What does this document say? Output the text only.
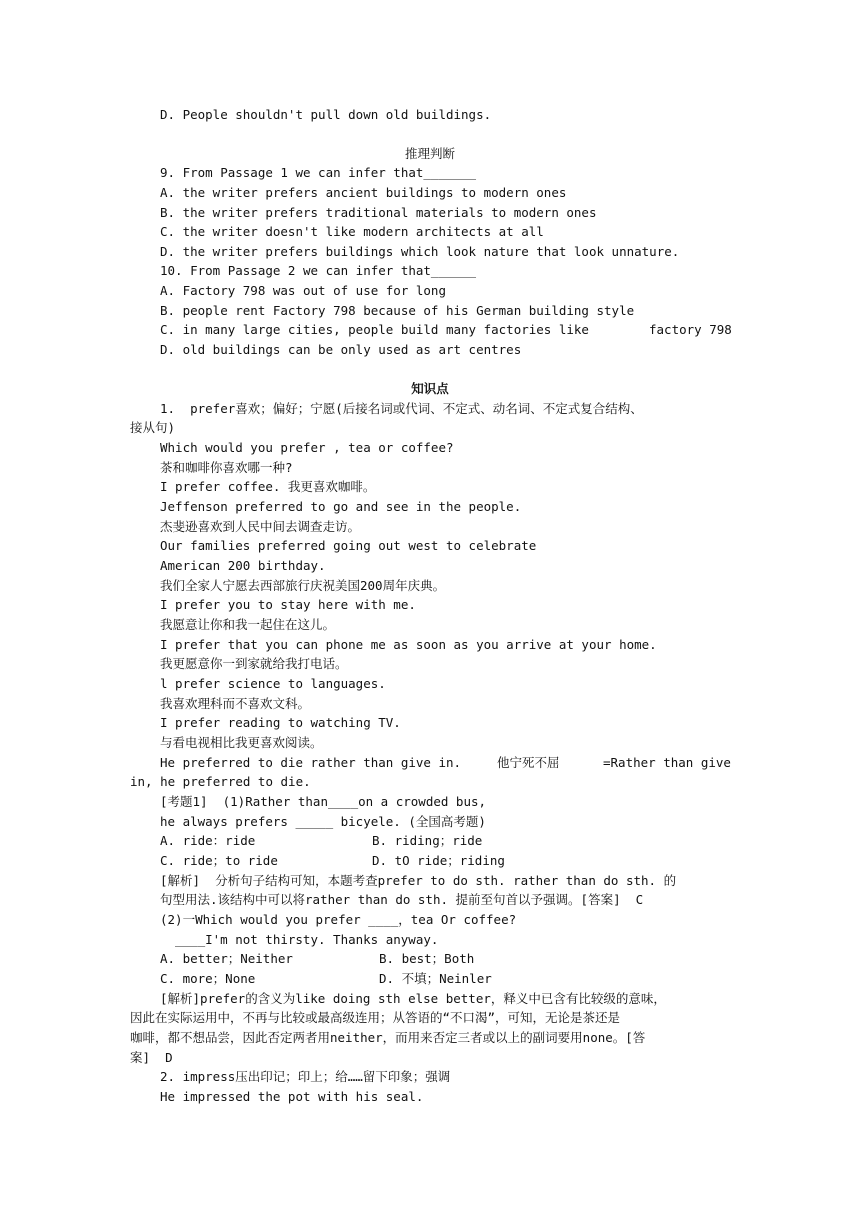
D. People shouldn't pull down old buildings.
推理判断
9. From Passage 1 we can infer that_______
A. the writer prefers ancient buildings to modern ones
B. the writer prefers traditional materials to modern ones
C. the writer doesn't like modern architects at all
D. the writer prefers buildings which look nature that look unnature.
10. From Passage 2 we can infer that______
A. Factory 798 was out of use for long
B. people rent Factory 798 because of his German building style
C. in many large cities, people build many factories like	factory 798
D. old buildings can be only used as art centres
知识点
1.  prefer喜欢；偏好；宁愿(后接名词或代词、不定式、动名词、不定式复合结构、
接从句)
Which would you prefer , tea or coffee?
茶和咖啡你喜欢哪一种?
I prefer coffee. 我更喜欢咖啡。
Jeffenson preferred to go and see in the people.
杰斐逊喜欢到人民中间去调查走访。
Our families preferred going out west to celebrate
American 200 birthday.
我们全家人宁愿去西部旅行庆祝美国200周年庆典。
I prefer you to stay here with me.
我愿意让你和我一起住在这儿。
I prefer that you can phone me as soon as you arrive at your home.
我更愿意你一到家就给我打电话。
l prefer science to languages.
我喜欢理科而不喜欢文科。
I prefer reading to watching TV.
与看电视相比我更喜欢阅读。
He preferred to die rather than give in.	他宁死不屈	=Rather than give
in, he preferred to die.
[考题1]  (1)Rather than____on a crowded bus,
he always prefers _____ bicyele. (全国高考题)
A. ride：ride	B. riding；ride
C. ride；to ride	D. tO ride；riding
[解析]  分析句子结构可知，本题考查prefer to do sth. rather than do sth. 的
句型用法.该结构中可以将rather than do sth. 提前至句首以予强调。[答案]  C
(2)一Which would you prefer ____，tea Or coffee?
____I'm not thirsty. Thanks anyway.
A. better；Neither	B. best；Both
C. more；None	D. 不填；Neinler
[解析]prefer的含义为like doing sth else better，释义中已含有比较级的意味，
因此在实际运用中，不再与比较或最高级连用；从答语的“不口渴”，可知，无论是茶还是
咖啡，都不想品尝，因此否定两者用neither，而用来否定三者或以上的副词要用none。[答
案]  D
2. impress压出印记；印上；给……留下印象；强调
He impressed the pot with his seal.
